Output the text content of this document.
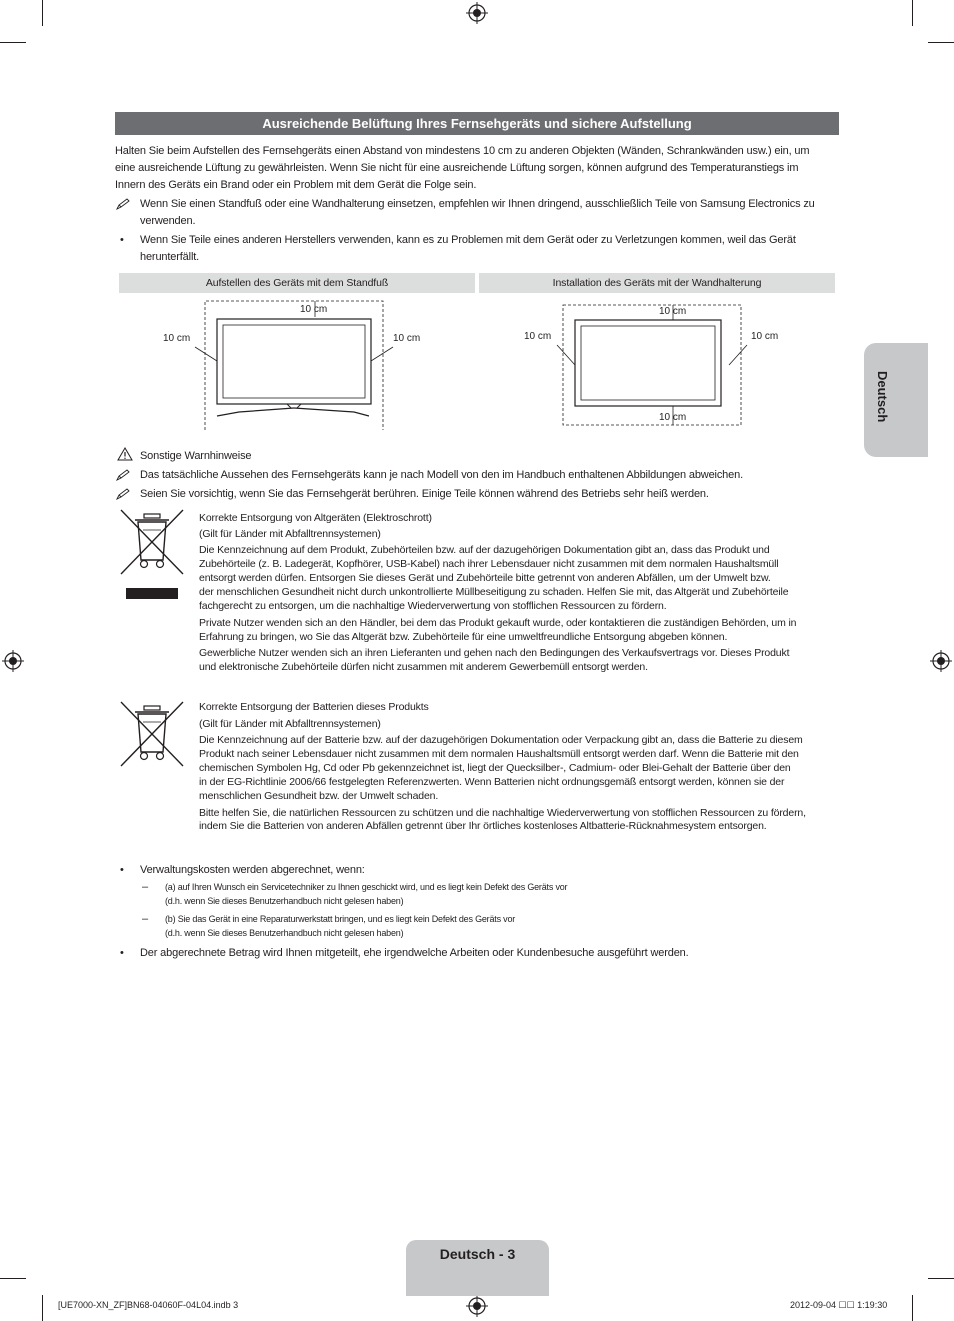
Ausreichende Belüftung Ihres Fernsehgeräts und sichere Aufstellung
Halten Sie beim Aufstellen des Fernsehgeräts einen Abstand von mindestens 10 cm zu anderen Objekten (Wänden, Schrankwänden usw.) ein, um
eine ausreichende Lüftung zu gewährleisten. Wenn Sie nicht für eine ausreichende Lüftung sorgen, können aufgrund des Temperaturanstiegs im
Innern des Geräts ein Brand oder ein Problem mit dem Gerät die Folge sein.
Wenn Sie einen Standfuß oder eine Wandhalterung einsetzen, empfehlen wir Ihnen dringend, ausschließlich Teile von Samsung Electronics zu
verwenden.
• Wenn Sie Teile eines anderen Herstellers verwenden, kann es zu Problemen mit dem Gerät oder zu Verletzungen kommen, weil das Gerät
herunterfällt.
Aufstellen des Geräts mit dem Standfuß	Installation des Geräts mit der Wandhalterung
10 cm
10 cm	10 cm
10 cm
10 cm	10 cm
10 cm
Sonstige Warnhinweise
Das tatsächliche Aussehen des Fernsehgeräts kann je nach Modell von den im Handbuch enthaltenen Abbildungen abweichen.
Seien Sie vorsichtig, wenn Sie das Fernsehgerät berühren. Einige Teile können während des Betriebs sehr heiß werden.
Korrekte Entsorgung von Altgeräten (Elektroschrott)
(Gilt für Länder mit Abfalltrennsystemen)
Die Kennzeichnung auf dem Produkt, Zubehörteilen bzw. auf der dazugehörigen Dokumentation gibt an, dass das Produkt und
Zubehörteile (z. B. Ladegerät, Kopfhörer, USB-Kabel) nach ihrer Lebensdauer nicht zusammen mit dem normalen Haushaltsmüll
entsorgt werden dürfen. Entsorgen Sie dieses Gerät und Zubehörteile bitte getrennt von anderen Abfällen, um der Umwelt bzw.
der menschlichen Gesundheit nicht durch unkontrollierte Müllbeseitigung zu schaden. Helfen Sie mit, das Altgerät und Zubehörteile
fachgerecht zu entsorgen, um die nachhaltige Wiederverwertung von stofflichen Ressourcen zu fördern.
Private Nutzer wenden sich an den Händler, bei dem das Produkt gekauft wurde, oder kontaktieren die zuständigen Behörden, um in
Erfahrung zu bringen, wo Sie das Altgerät bzw. Zubehörteile für eine umweltfreundliche Entsorgung abgeben können.
Gewerbliche Nutzer wenden sich an ihren Lieferanten und gehen nach den Bedingungen des Verkaufsvertrags vor. Dieses Produkt
und elektronische Zubehörteile dürfen nicht zusammen mit anderem Gewerbemüll entsorgt werden.
Korrekte Entsorgung der Batterien dieses Produkts
(Gilt für Länder mit Abfalltrennsystemen)
Die Kennzeichnung auf der Batterie bzw. auf der dazugehörigen Dokumentation oder Verpackung gibt an, dass die Batterie zu diesem
Produkt nach seiner Lebensdauer nicht zusammen mit dem normalen Haushaltsmüll entsorgt werden darf. Wenn die Batterie mit den
chemischen Symbolen Hg, Cd oder Pb gekennzeichnet ist, liegt der Quecksilber-, Cadmium- oder Blei-Gehalt der Batterie über den
in der EG-Richtlinie 2006/66 festgelegten Referenzwerten. Wenn Batterien nicht ordnungsgemäß entsorgt werden, können sie der
menschlichen Gesundheit bzw. der Umwelt schaden.
Bitte helfen Sie, die natürlichen Ressourcen zu schützen und die nachhaltige Wiederverwertung von stofflichen Ressourcen zu fördern,
indem Sie die Batterien von anderen Abfällen getrennt über Ihr örtliches kostenloses Altbatterie-Rücknahmesystem entsorgen.
• Verwaltungskosten werden abgerechnet, wenn:
– (a) auf Ihren Wunsch ein Servicetechniker zu Ihnen geschickt wird, und es liegt kein Defekt des Geräts vor
(d.h. wenn Sie dieses Benutzerhandbuch nicht gelesen haben)
– (b) Sie das Gerät in eine Reparaturwerkstatt bringen, und es liegt kein Defekt des Geräts vor
(d.h. wenn Sie dieses Benutzerhandbuch nicht gelesen haben)
• Der abgerechnete Betrag wird Ihnen mitgeteilt, ehe irgendwelche Arbeiten oder Kundenbesuche ausgeführt werden.
Deutsch
Deutsch - 3
[UE7000-XN_ZF]BN68-04060F-04L04.indb 3	2012-09-04 ☐☐ 1:19:30
